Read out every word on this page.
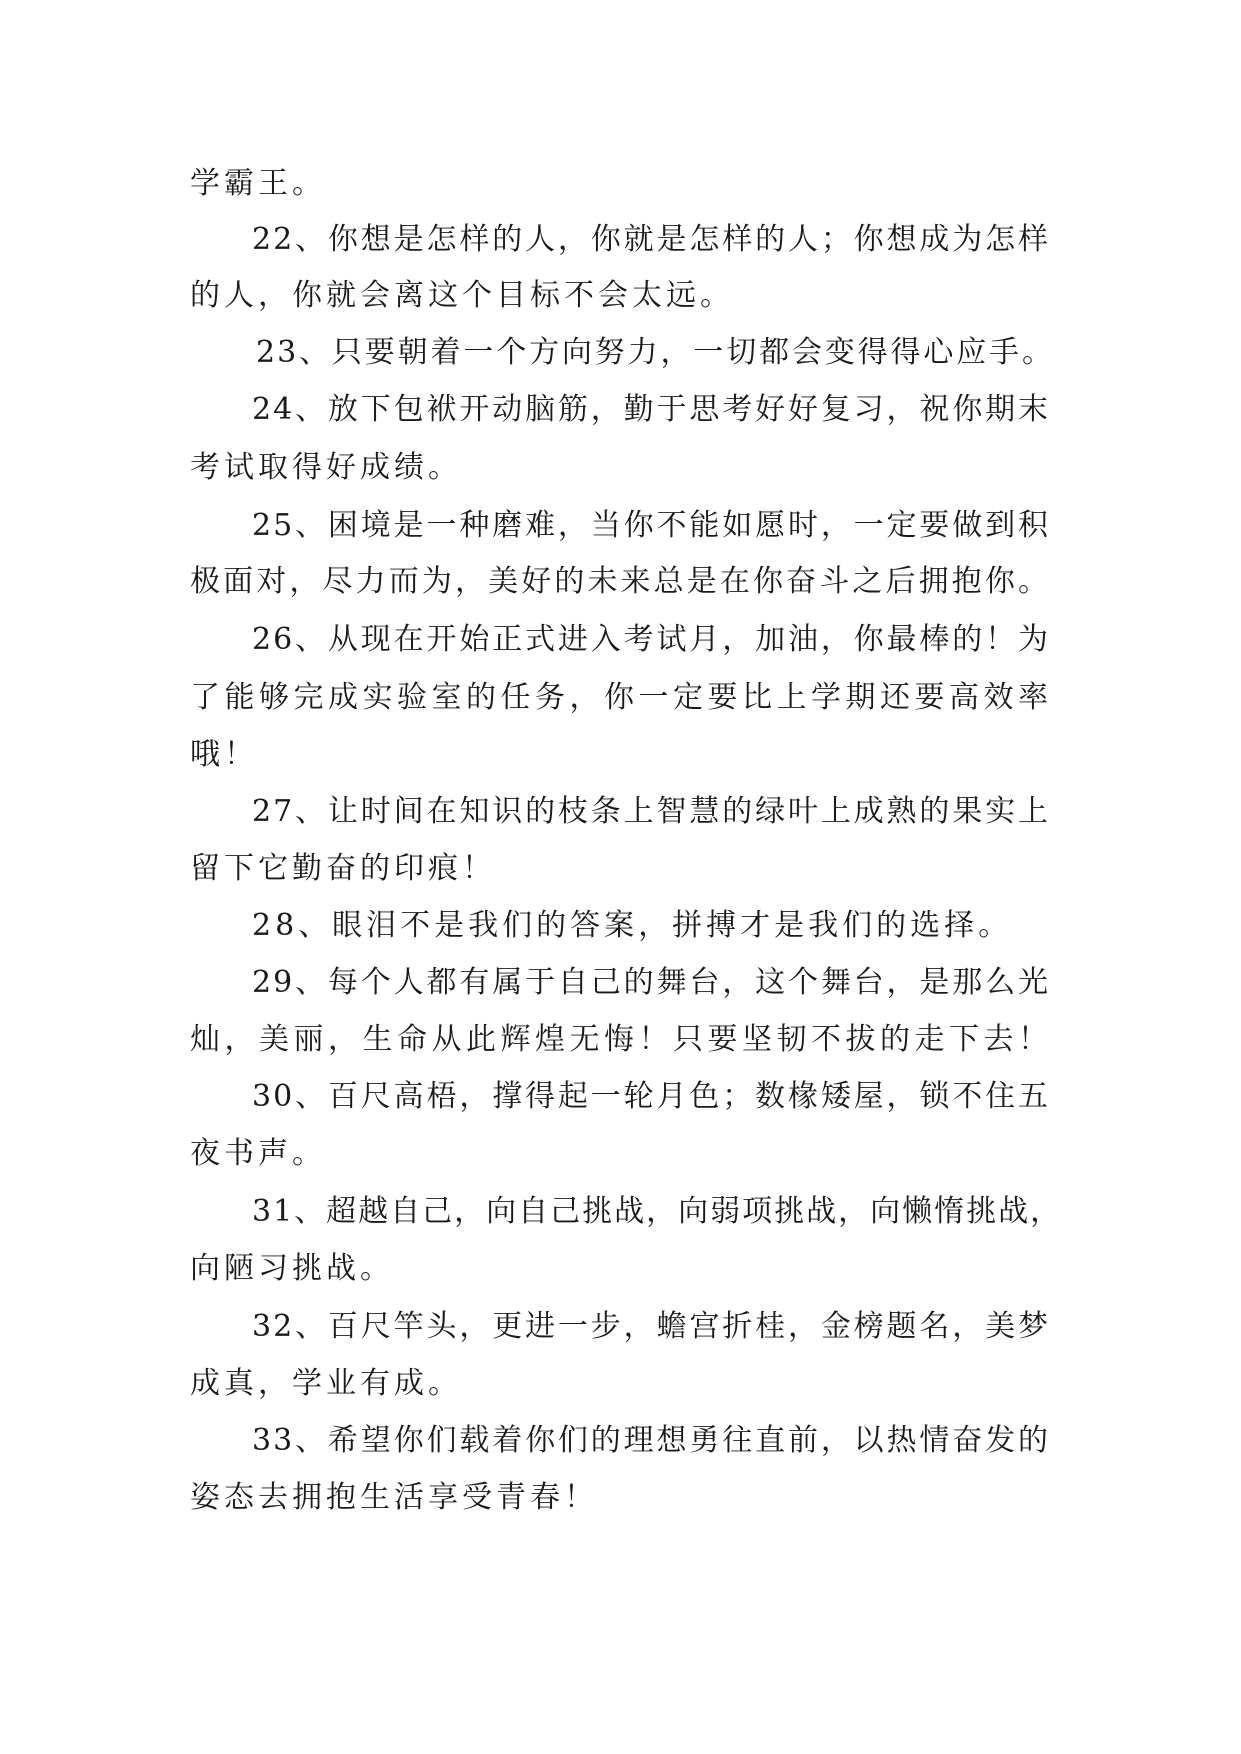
学霸王。

22、你想是怎样的人，你就是怎样的人；你想成为怎样

的人，你就会离这个目标不会太远。

23、只要朝着一个方向努力，一切都会变得得心应手。

24、放下包袱开动脑筋，勤于思考好好复习，祝你期末

考试取得好成绩。

25、困境是一种磨难，当你不能如愿时，一定要做到积

极面对，尽力而为，美好的未来总是在你奋斗之后拥抱你。

26、从现在开始正式进入考试月，加油，你最棒的！为

了能够完成实验室的任务，你一定要比上学期还要高效率

哦！

27、让时间在知识的枝条上智慧的绿叶上成熟的果实上

留下它勤奋的印痕！

28、眼泪不是我们的答案，拼搏才是我们的选择。

29、每个人都有属于自己的舞台，这个舞台，是那么光

灿，美丽，生命从此辉煌无悔！只要坚韧不拔的走下去！

30、百尺高梧，撑得起一轮月色；数椽矮屋，锁不住五

夜书声。

31、超越自己，向自己挑战，向弱项挑战，向懒惰挑战，

向陋习挑战。

32、百尺竿头，更进一步，蟾宫折桂，金榜题名，美梦

成真，学业有成。

33、希望你们载着你们的理想勇往直前，以热情奋发的

姿态去拥抱生活享受青春！
